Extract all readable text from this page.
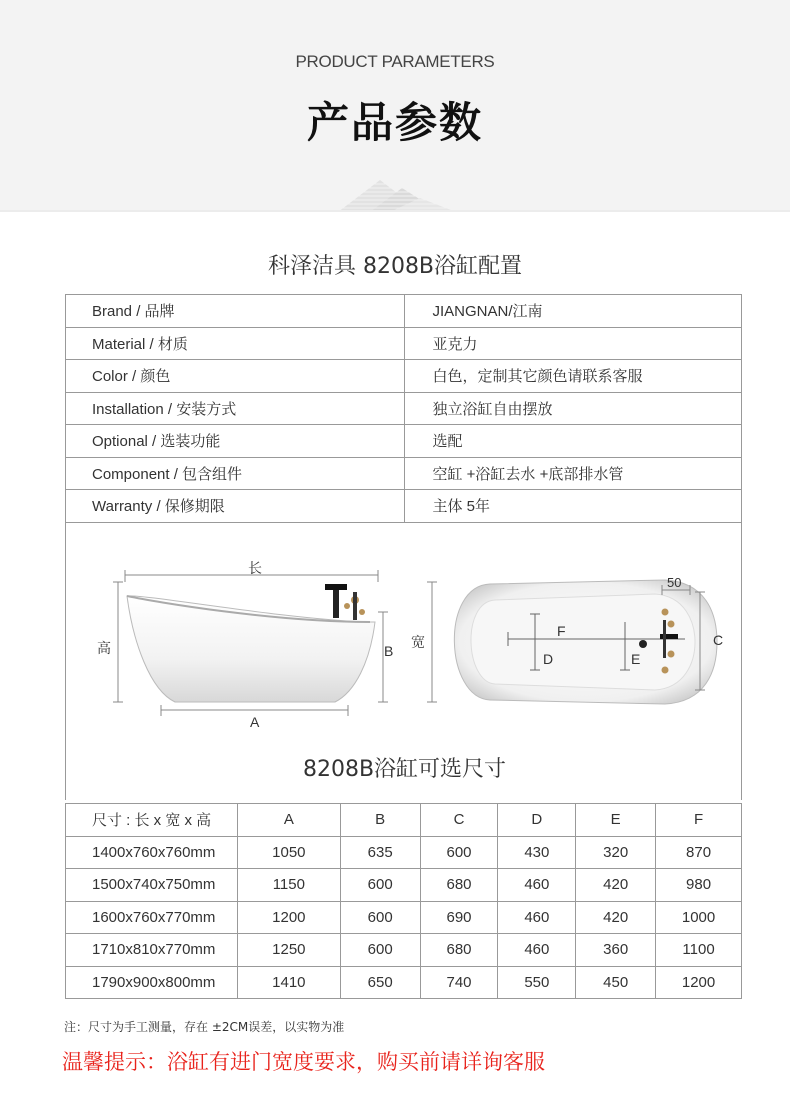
PRODUCT PARAMETERS
产品参数
科泽洁具 8208B浴缸配置
Brand / 品牌	JIANGNAN/江南
Material / 材质	亚克力
Color / 颜色	白色，定制其它颜色请联系客服
Installation / 安装方式	独立浴缸自由摆放
Optional / 选装功能	选配
Component / 包含组件	空缸 +浴缸去水 +底部排水管
Warranty / 保修期限	主体 5年
长
高	B
A
宽
F
D	E
50
C
8208B浴缸可选尺寸
尺寸 : 长 x 宽 x 高	A	B	C	D	E	F
1400x760x760mm	1050	635	600	430	320	870
1500x740x750mm	1150	600	680	460	420	980
1600x760x770mm	1200	600	690	460	420	1000
1710x810x770mm	1250	600	680	460	360	1100
1790x900x800mm	1410	650	740	550	450	1200
注：尺寸为手工测量，存在 ±2CM误差，以实物为准
温馨提示：浴缸有进门宽度要求，购买前请详询客服
